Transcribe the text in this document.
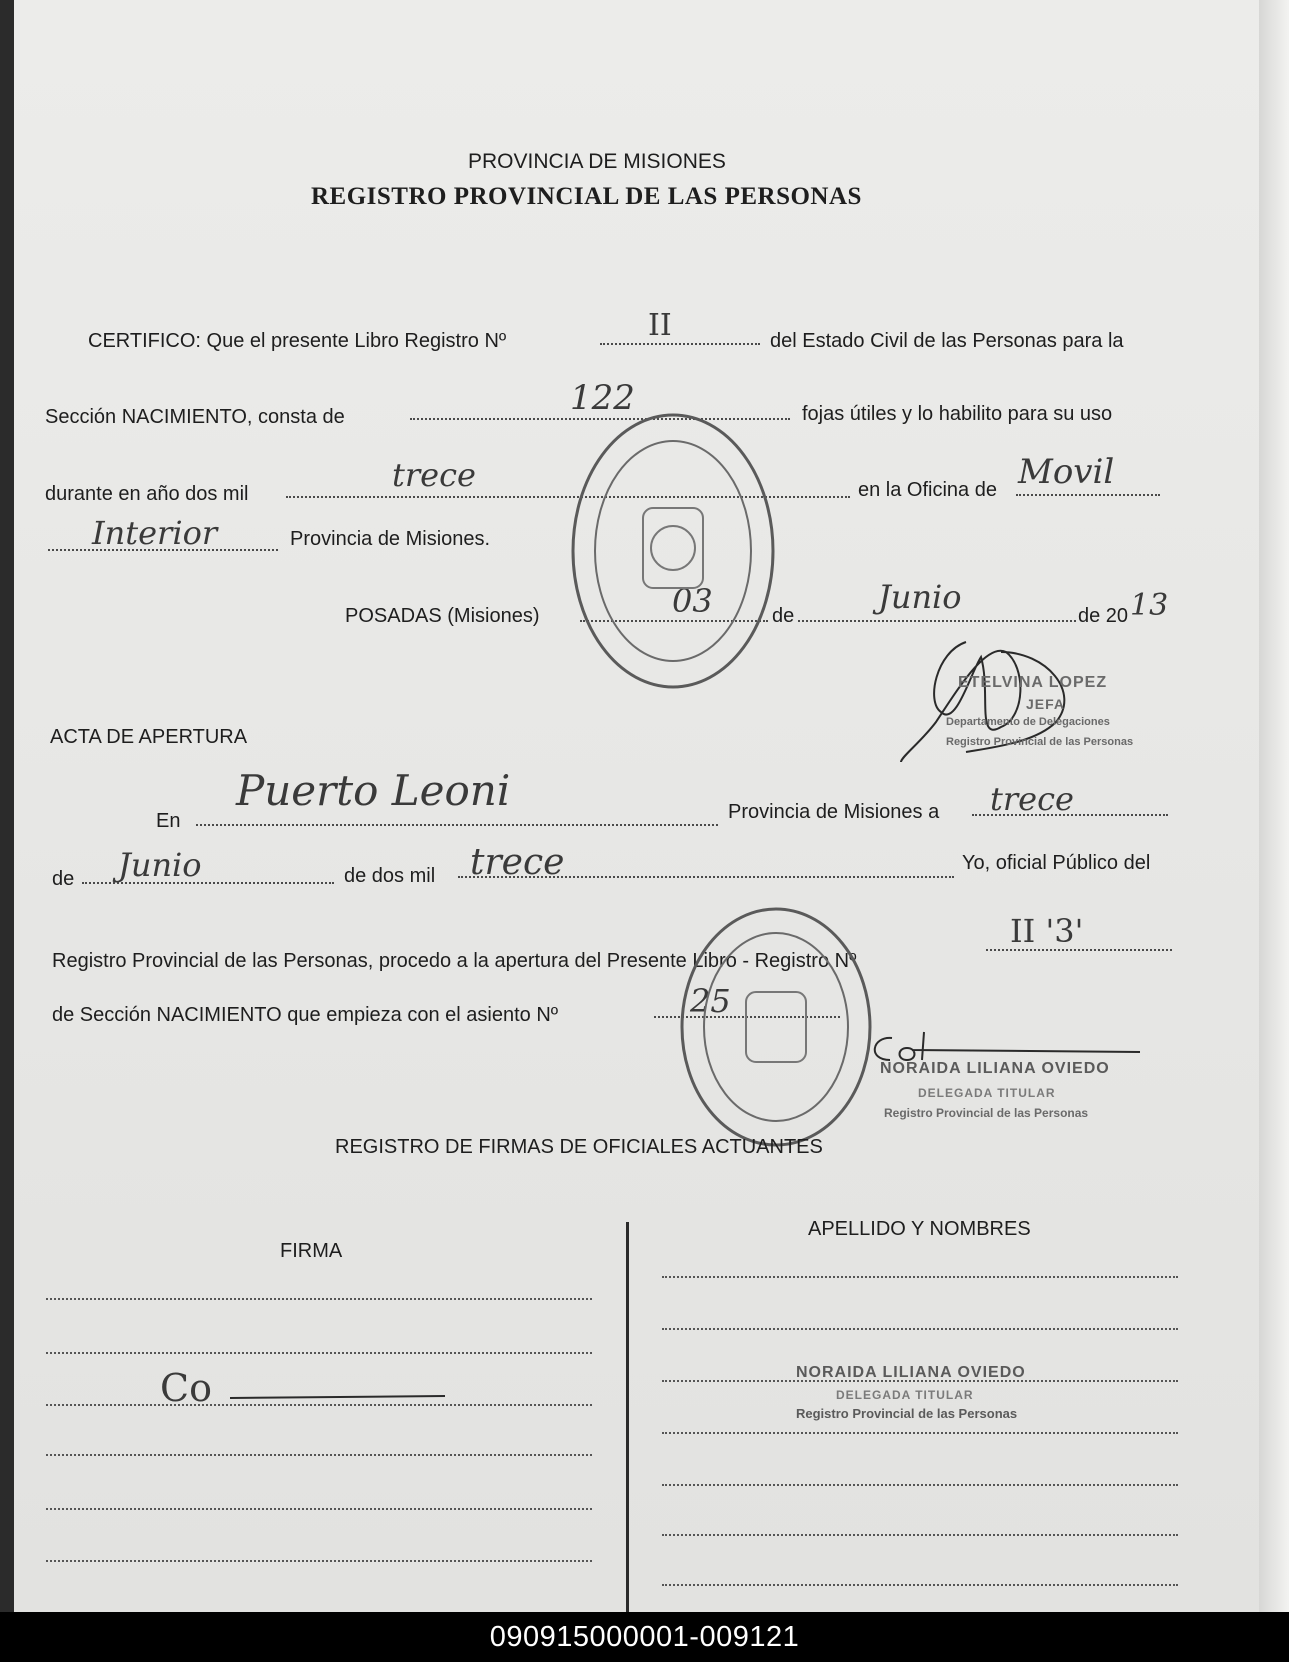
PROVINCIA DE MISIONES
REGISTRO PROVINCIAL DE LAS PERSONAS
CERTIFICO: Que el presente Libro Registro Nº	II	del Estado Civil de las Personas para la
Sección NACIMIENTO, consta de	122	fojas útiles y lo habilito para su uso
durante en año dos mil	trece	en la Oficina de Movil
Interior	Provincia de Misiones.
POSADAS (Misiones)	03	de	Junio	de 20 13
ETELVINA LOPEZ
JEFA
Departamento de Delegaciones
Registro Provincial de las Personas
ACTA DE APERTURA
En
Puerto Leoni	Provincia de Misiones a trece
de Junio	de dos mil trece	Yo, oficial Público del
Registro Provincial de las Personas, procedo a la apertura del Presente Libro - Registro Nº
II '3'
de Sección NACIMIENTO que empieza con el asiento Nº	25
NORAIDA LILIANA OVIEDO
DELEGADA TITULAR
Registro Provincial de las Personas
REGISTRO DE FIRMAS DE OFICIALES ACTUANTES
FIRMA
APELLIDO Y NOMBRES
Co	NORAIDA LILIANA OVIEDO
DELEGADA TITULAR
Registro Provincial de las Personas
090915000001-009121
